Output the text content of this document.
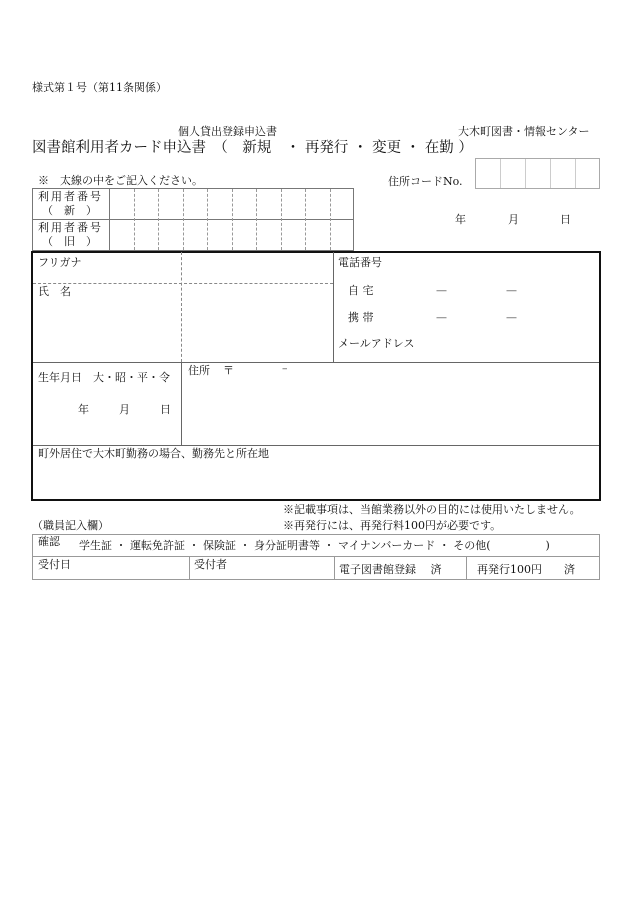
様式第１号（第11条関係）
個人貸出登録申込書	大木町図書・情報センター
図書館利用者カード申込書　（　新規　・ 再発行 ・ 変更 ・ 在勤 ）
※　太線の中をご記入ください。	住所コードNo.
利用者番号
（　新　）
利用者番号
（　旧　）
年	月	日
フリガナ
氏　名
電話番号
自 宅	—	—
携 帯	—	—
メールアドレス
生年月日　大・昭・平・令
年	月	日
住所 〒	–
町外居住で大木町勤務の場合、勤務先と所在地
※記載事項は、当館業務以外の目的には使用いたしません。
※再発行には、再発行料100円が必要です。
（職員記入欄）
確認 学生証 ・ 運転免許証 ・ 保険証 ・ 身分証明書等 ・ マイナンバーカード ・ その他(　　　　　)
受付日	受付者	電子図書館登録　 済	再発行100円　　済
